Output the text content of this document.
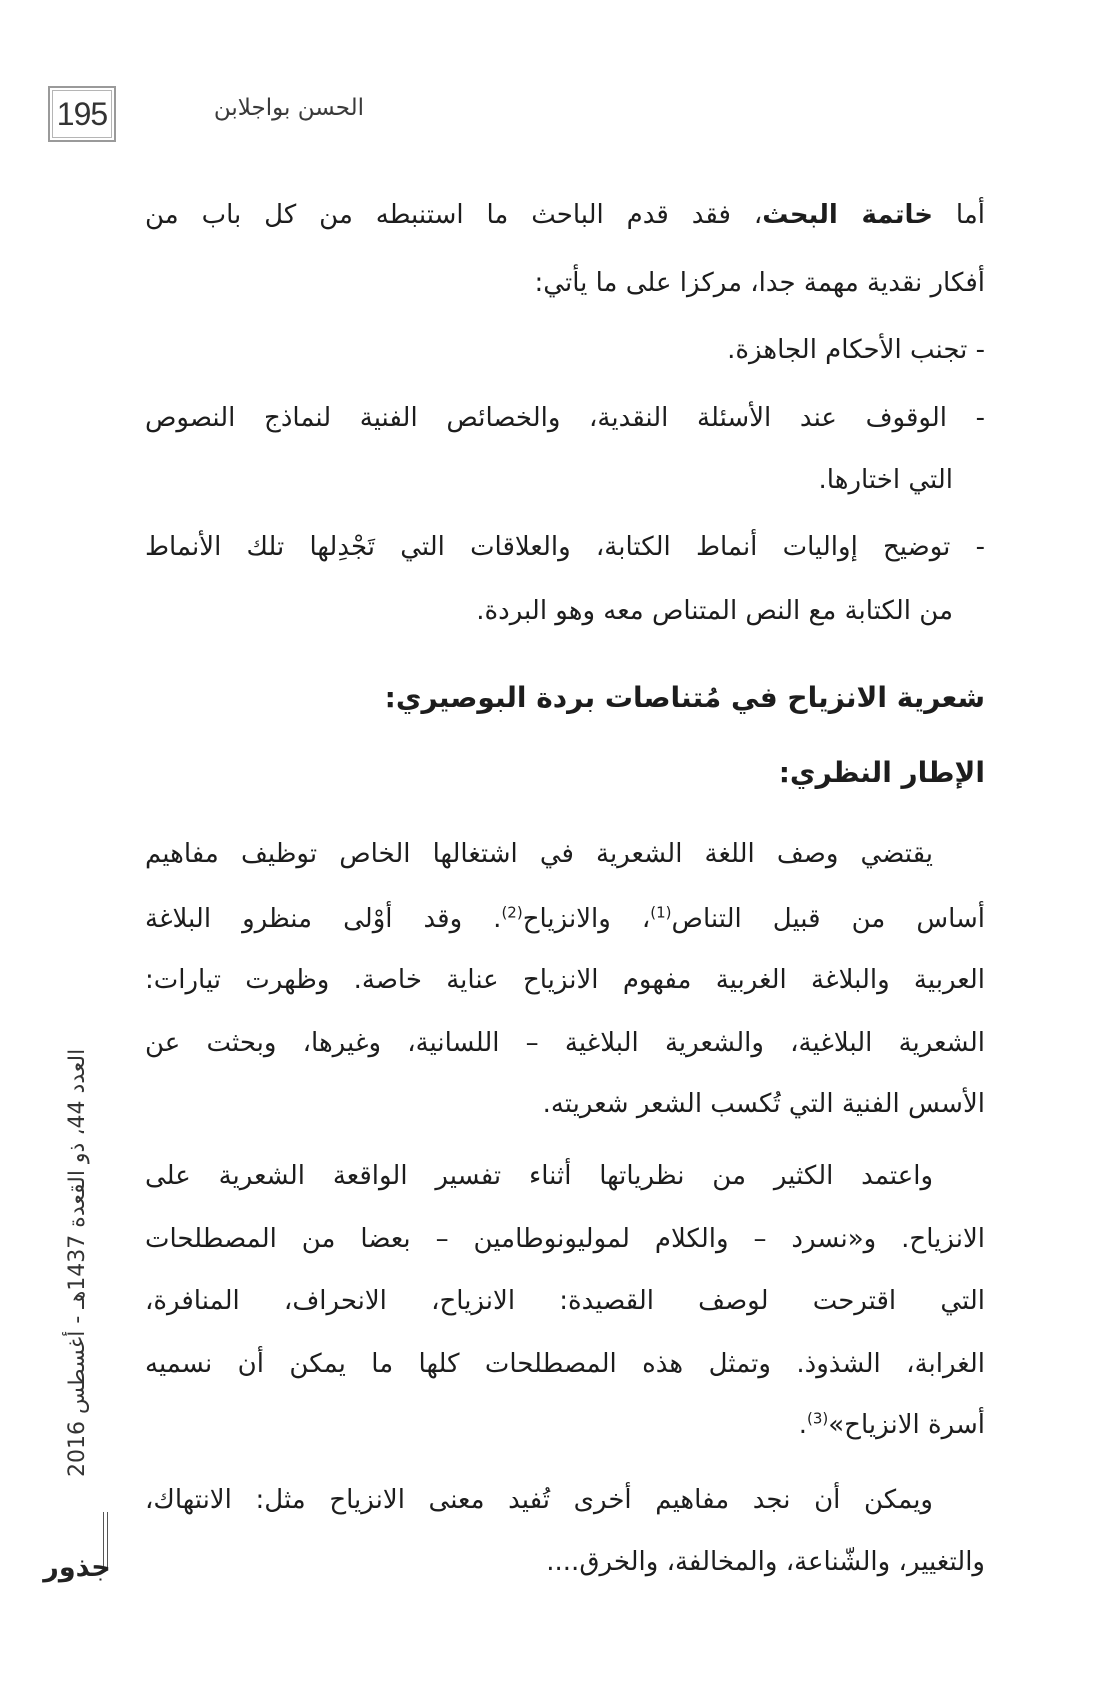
195	الحسن بواجلابن
أما خاتمة البحث، فقد قدم الباحث ما استنبطه من كل باب من
أفكار نقدية مهمة جدا، مركزا على ما يأتي:
- تجنب الأحكام الجاهزة.
- الوقوف عند الأسئلة النقدية، والخصائص الفنية لنماذج النصوص
التي اختارها.
- توضيح إواليات أنماط الكتابة، والعلاقات التي تَجْدِلها تلك الأنماط
من الكتابة مع النص المتناص معه وهو البردة.
شعرية الانزياح في مُتناصات بردة البوصيري:
الإطار النظري:
يقتضي وصف اللغة الشعرية في اشتغالها الخاص توظيف مفاهيم
أساس من قبيل التناص$^{(1)}$، والانزياح$^{(2)}$. وقد أوْلى منظرو البلاغة
العربية والبلاغة الغربية مفهوم الانزياح عناية خاصة. وظهرت تيارات:
الشعرية البلاغية، والشعرية البلاغية – اللسانية، وغيرها، وبحثت عن
الأسس الفنية التي تُكسب الشعر شعريته.
واعتمد الكثير من نظرياتها أثناء تفسير الواقعة الشعرية على
الانزياح. و«نسرد – والكلام لموليونوطامين – بعضا من المصطلحات
التي اقترحت لوصف القصيدة: الانزياح، الانحراف، المنافرة،
الغرابة، الشذوذ. وتمثل هذه المصطلحات كلها ما يمكن أن نسميه
أسرة الانزياح»$^{(3)}$.
ويمكن أن نجد مفاهيم أخرى تُفيد معنى الانزياح مثل: الانتهاك،
والتغيير، والشّناعة، والمخالفة، والخرق....
العدد 44، ذو القعدة 1437هـ - أغسطس 2016
جذور
